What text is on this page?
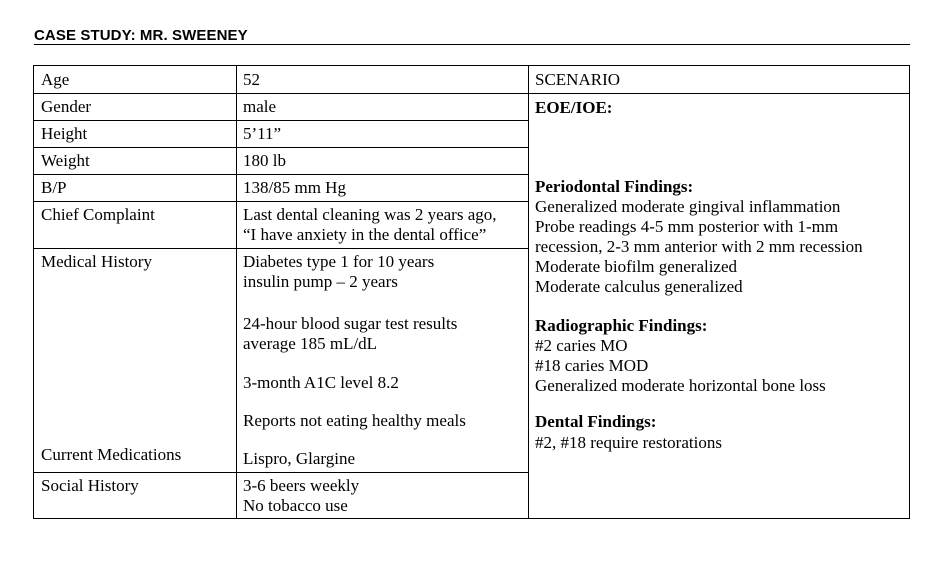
CASE STUDY: MR. SWEENEY
Age
Gender
Height
Weight
B/P
Chief Complaint
Medical History
Current Medications
Social History
52
male
5’11”
180 lb
138/85 mm Hg
Last dental cleaning was 2 years ago,
“I have anxiety in the dental office”
Diabetes type 1 for 10 years
insulin pump – 2 years
24-hour blood sugar test results
average 185 mL/dL
3-month A1C level 8.2
Reports not eating healthy meals
Lispro, Glargine
3-6 beers weekly
No tobacco use
SCENARIO
EOE/IOE:
Periodontal Findings:
Generalized moderate gingival inflammation
Probe readings 4-5 mm posterior with 1-mm
recession, 2-3 mm anterior with 2 mm recession
Moderate biofilm generalized
Moderate calculus generalized
Radiographic Findings:
#2 caries MO
#18 caries MOD
Generalized moderate horizontal bone loss
Dental Findings:
#2, #18 require restorations
